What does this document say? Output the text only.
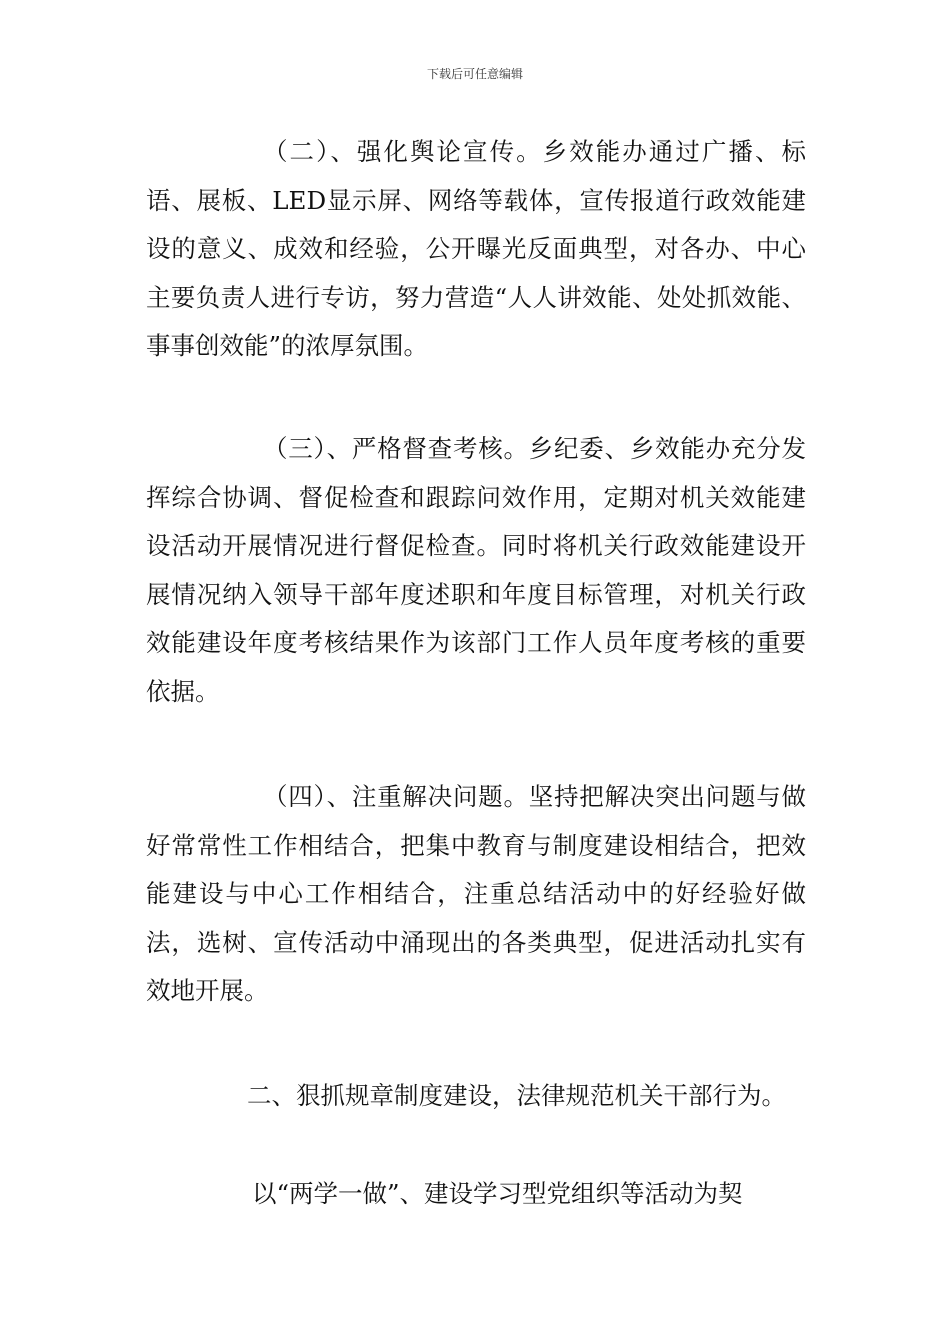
下载后可任意编辑

（二）、强化舆论宣传。乡效能办通过广播、标语、展板、LED显示屏、网络等载体，宣传报道行政效能建设的意义、成效和经验，公开曝光反面典型，对各办、中心主要负责人进行专访，努力营造“人人讲效能、处处抓效能、事事创效能”的浓厚氛围。

（三）、严格督查考核。乡纪委、乡效能办充分发挥综合协调、督促检查和跟踪问效作用，定期对机关效能建设活动开展情况进行督促检查。同时将机关行政效能建设开展情况纳入领导干部年度述职和年度目标管理，对机关行政效能建设年度考核结果作为该部门工作人员年度考核的重要依据。

（四）、注重解决问题。坚持把解决突出问题与做好常常性工作相结合，把集中教育与制度建设相结合，把效能建设与中心工作相结合，注重总结活动中的好经验好做法，选树、宣传活动中涌现出的各类典型，促进活动扎实有效地开展。

二、狠抓规章制度建设，法律规范机关干部行为。

以“两学一做”、建设学习型党组织等活动为契
